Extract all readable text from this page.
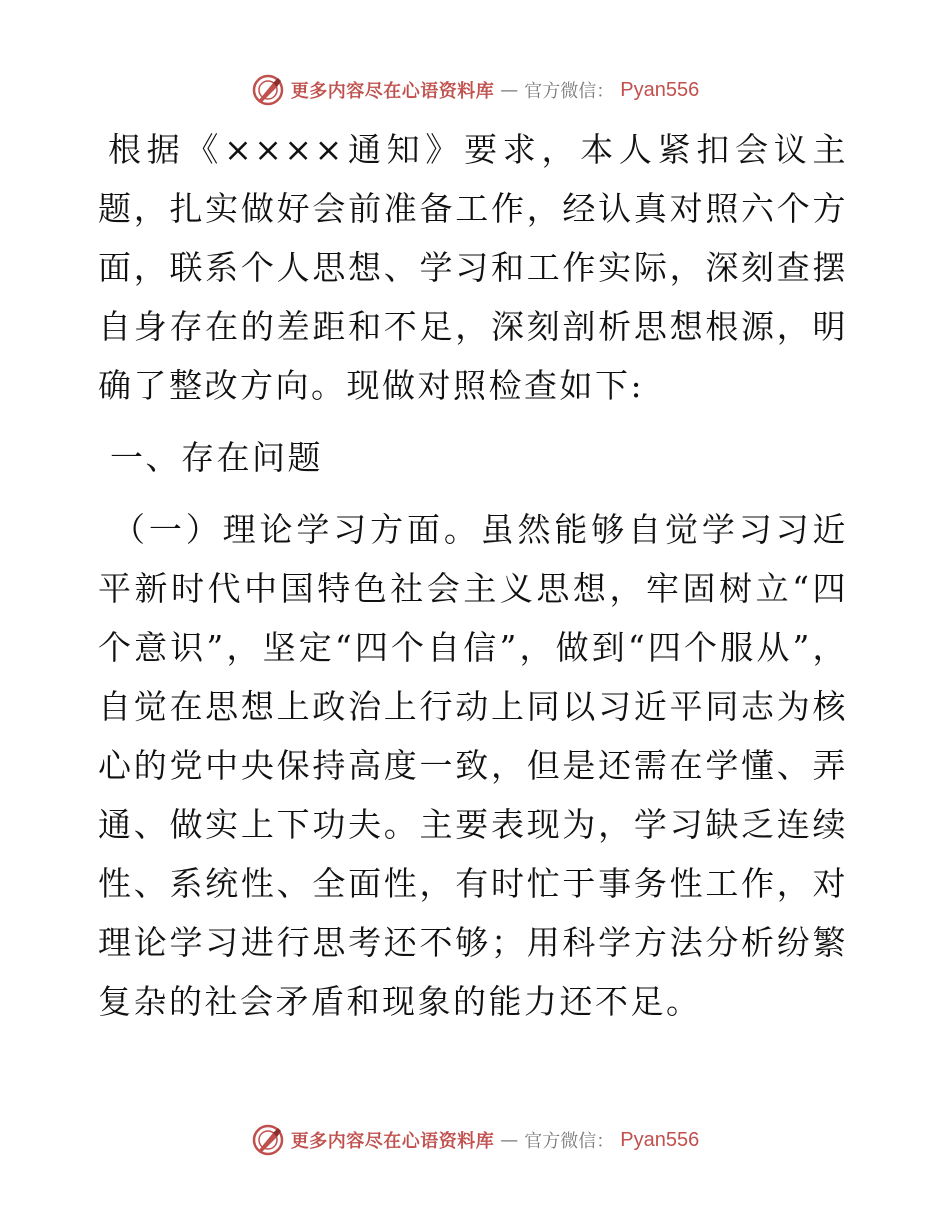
更多内容尽在心语资料库 — 官方微信： Pyan556

根据《××××通知》要求，本人紧扣会议主题，扎实做好会前准备工作，经认真对照六个方面，联系个人思想、学习和工作实际，深刻查摆自身存在的差距和不足，深刻剖析思想根源，明确了整改方向。现做对照检查如下:

一、存在问题

（一）理论学习方面。虽然能够自觉学习习近平新时代中国特色社会主义思想，牢固树立“四个意识”，坚定“四个自信”，做到“四个服从”，自觉在思想上政治上行动上同以习近平同志为核心的党中央保持高度一致，但是还需在学懂、弄通、做实上下功夫。主要表现为，学习缺乏连续性、系统性、全面性，有时忙于事务性工作，对理论学习进行思考还不够；用科学方法分析纷繁复杂的社会矛盾和现象的能力还不足。

更多内容尽在心语资料库 — 官方微信： Pyan556
